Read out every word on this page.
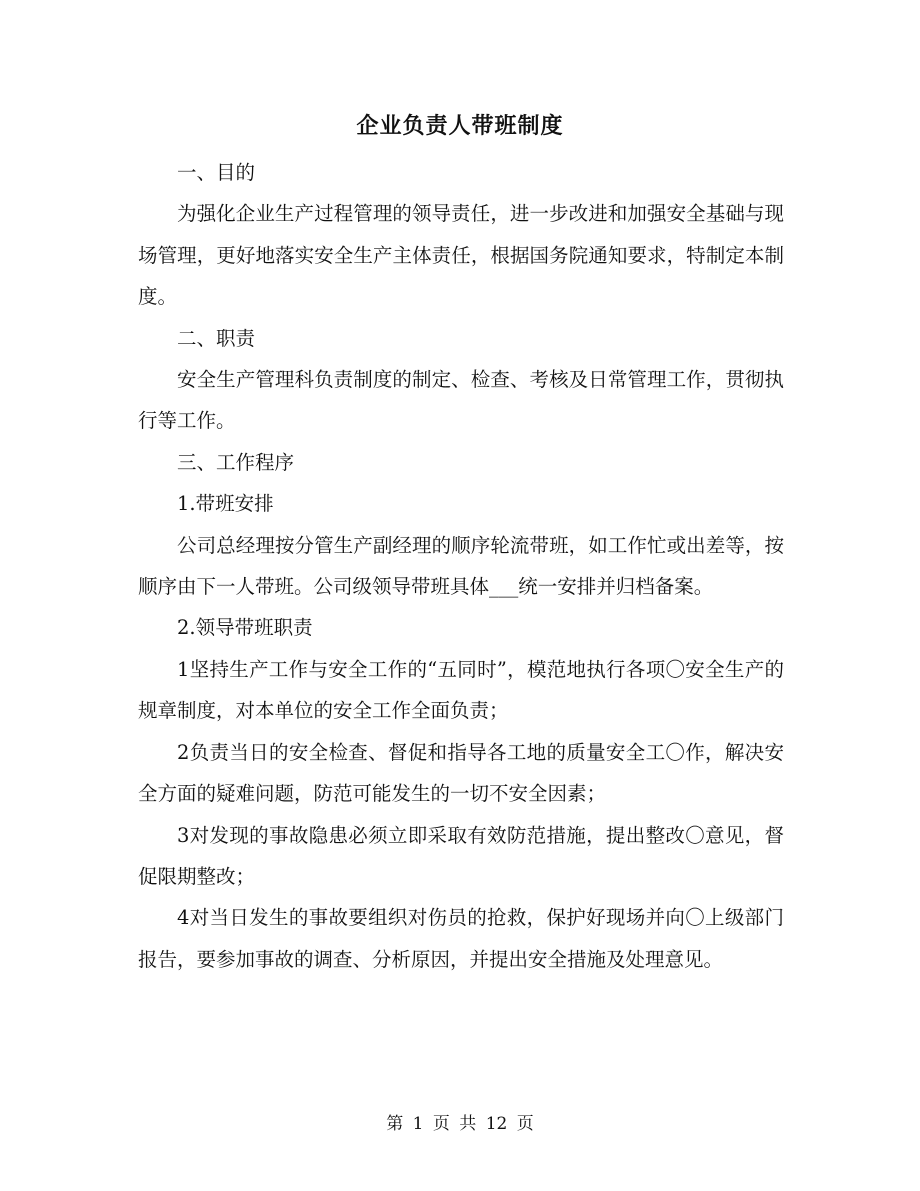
企业负责人带班制度

一、目的

为强化企业生产过程管理的领导责任，进一步改进和加强安全基础与现场管理，更好地落实安全生产主体责任，根据国务院通知要求，特制定本制度。

二、职责

安全生产管理科负责制度的制定、检查、考核及日常管理工作，贯彻执行等工作。

三、工作程序

1.带班安排

公司总经理按分管生产副经理的顺序轮流带班，如工作忙或出差等，按顺序由下一人带班。公司级领导带班具体___统一安排并归档备案。

2.领导带班职责

1坚持生产工作与安全工作的“五同时”，模范地执行各项〇安全生产的规章制度，对本单位的安全工作全面负责；

2负责当日的安全检查、督促和指导各工地的质量安全工〇作，解决安全方面的疑难问题，防范可能发生的一切不安全因素；

3对发现的事故隐患必须立即采取有效防范措施，提出整改〇意见，督促限期整改；

4对当日发生的事故要组织对伤员的抢救，保护好现场并向〇上级部门报告，要参加事故的调查、分析原因，并提出安全措施及处理意见。

第 1 页 共 12 页
